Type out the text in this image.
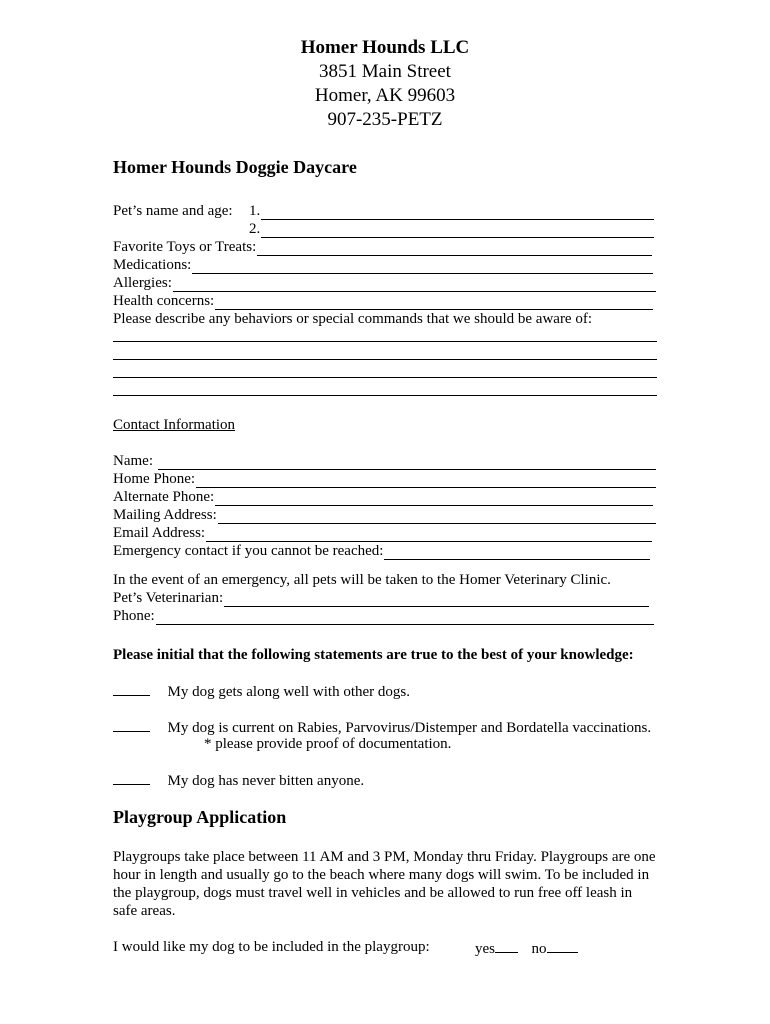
Homer Hounds LLC
3851 Main Street
Homer, AK 99603
907-235-PETZ
Homer Hounds Doggie Daycare
Pet’s name and age:	1.
2.
Favorite Toys or Treats:
Medications:
Allergies:
Health concerns:
Please describe any behaviors or special commands that we should be aware of:
Contact Information
Name:
Home Phone:
Alternate Phone:
Mailing Address:
Email Address:
Emergency contact if you cannot be reached:
In the event of an emergency, all pets will be taken to the Homer Veterinary Clinic.
Pet’s Veterinarian:
Phone:
Please initial that the following statements are true to the best of your knowledge:
My dog gets along well with other dogs.
My dog is current on Rabies, Parvovirus/Distemper and Bordatella vaccinations.
* please provide proof of documentation.
My dog has never bitten anyone.
Playgroup Application
Playgroups take place between 11 AM and 3 PM, Monday thru Friday. Playgroups are one hour in length and usually go to the beach where many dogs will swim. To be included in the playgroup, dogs must travel well in vehicles and be allowed to run free off leash in safe areas.
I would like my dog to be included in the playgroup:	yes no
